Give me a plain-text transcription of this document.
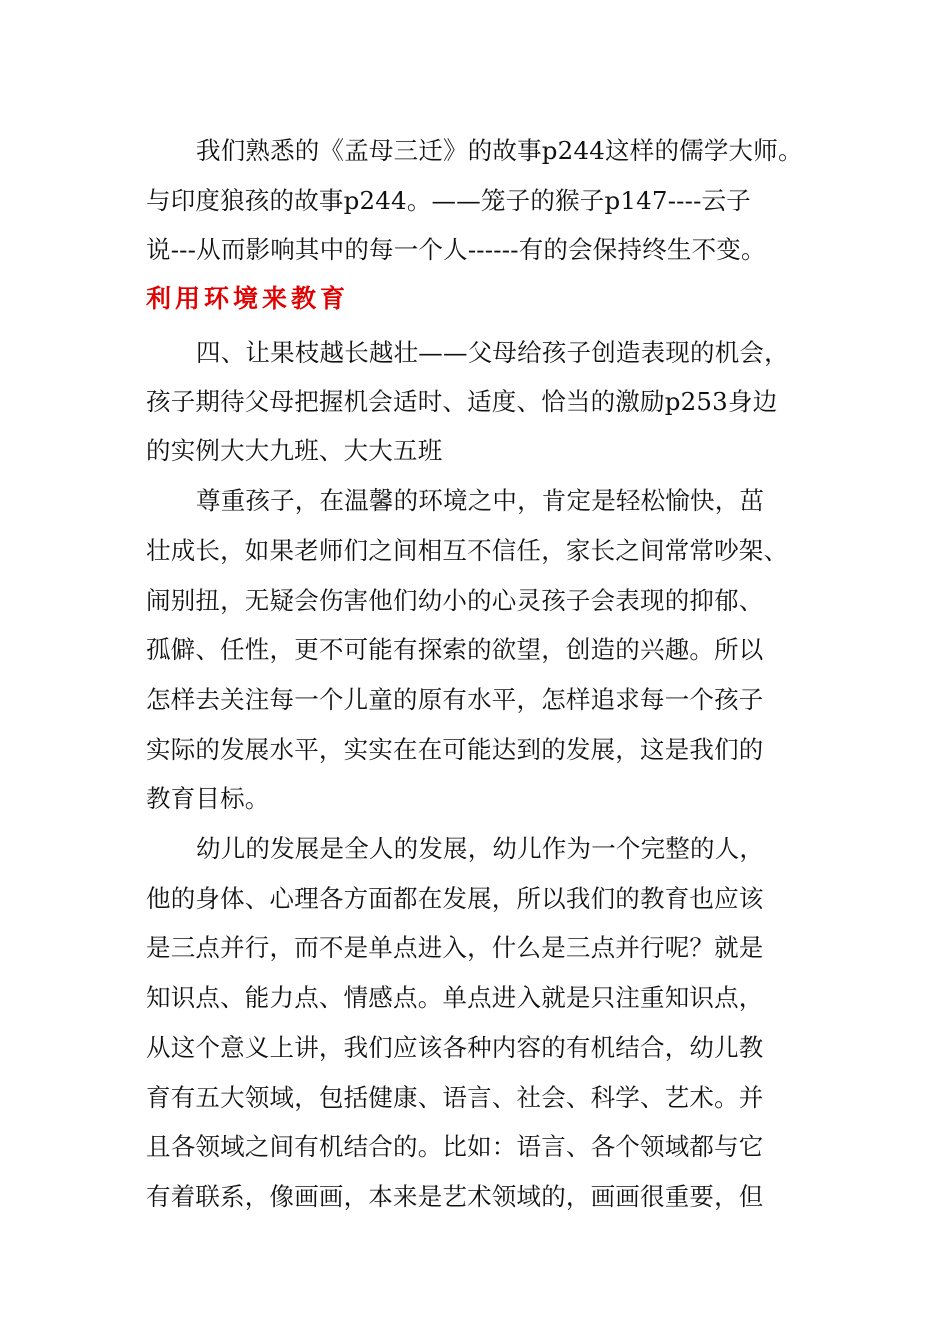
我们熟悉的《孟母三迁》的故事p244这样的儒学大师。
与印度狼孩的故事p244。——笼子的猴子p147----云子
说---从而影响其中的每一个人------有的会保持终生不变。
利用环境来教育
四、让果枝越长越壮——父母给孩子创造表现的机会，
孩子期待父母把握机会适时、适度、恰当的激励p253身边
的实例大大九班、大大五班
尊重孩子，在温馨的环境之中，肯定是轻松愉快，茁
壮成长，如果老师们之间相互不信任，家长之间常常吵架、
闹别扭，无疑会伤害他们幼小的心灵孩子会表现的抑郁、
孤僻、任性，更不可能有探索的欲望，创造的兴趣。所以
怎样去关注每一个儿童的原有水平，怎样追求每一个孩子
实际的发展水平，实实在在可能达到的发展，这是我们的
教育目标。
幼儿的发展是全人的发展，幼儿作为一个完整的人，
他的身体、心理各方面都在发展，所以我们的教育也应该
是三点并行，而不是单点进入，什么是三点并行呢？就是
知识点、能力点、情感点。单点进入就是只注重知识点，
从这个意义上讲，我们应该各种内容的有机结合，幼儿教
育有五大领域，包括健康、语言、社会、科学、艺术。并
且各领域之间有机结合的。比如：语言、各个领域都与它
有着联系，像画画，本来是艺术领域的，画画很重要，但
